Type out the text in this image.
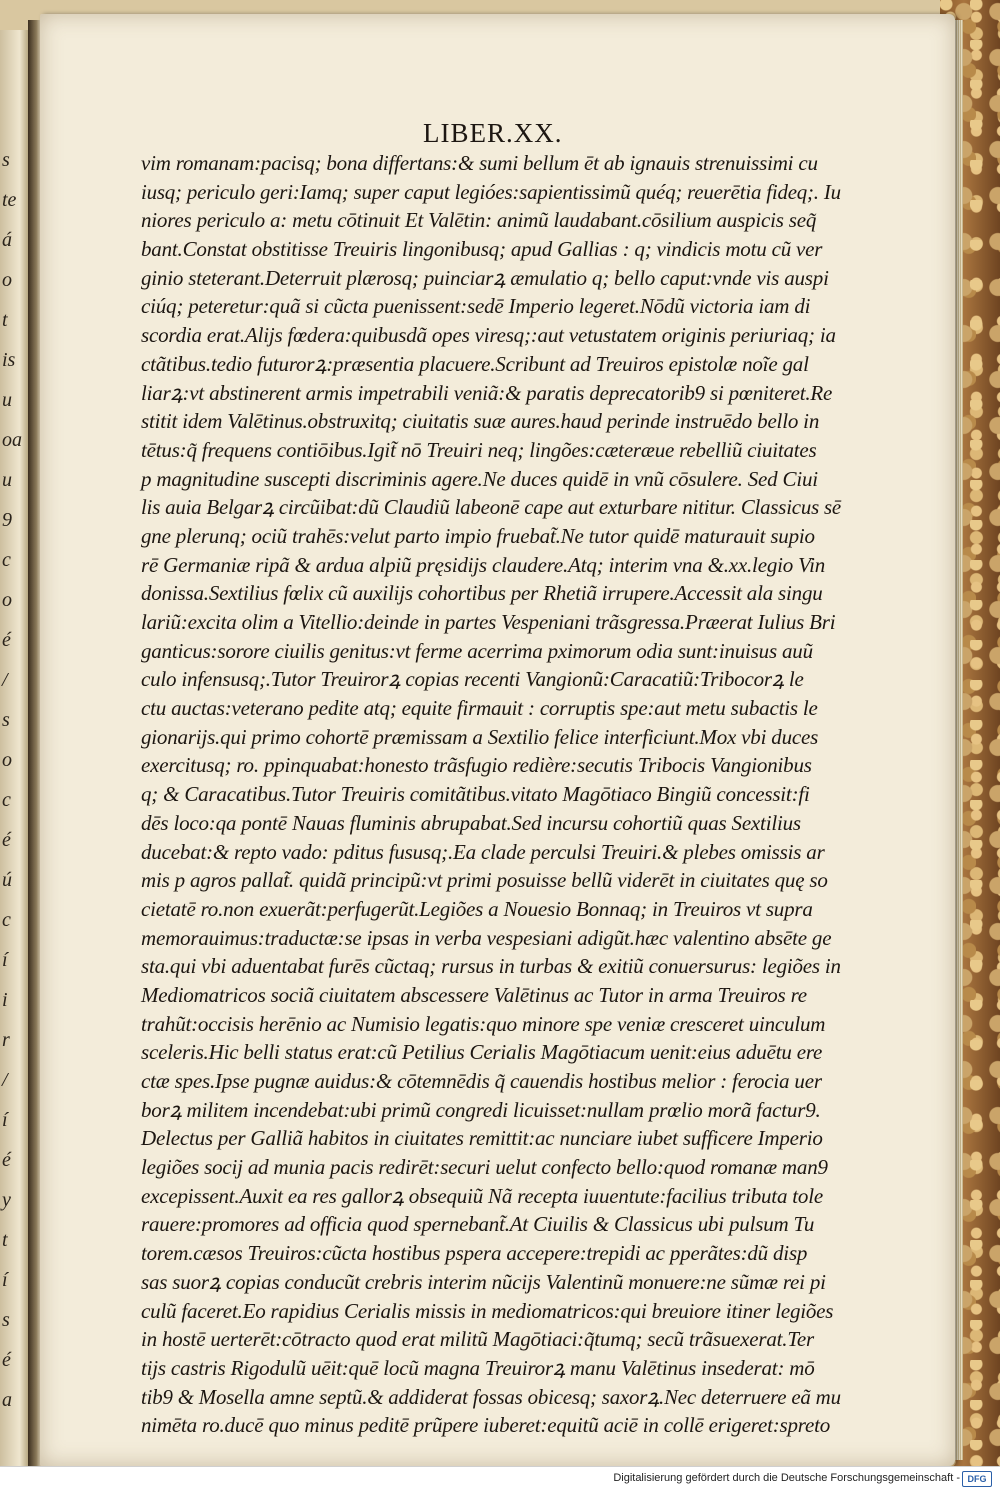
s
te
á
o
t
is
u
oa
u
9
c
o
é
/
s
o
c
é
ú
c
í
i
r
/
í
é
y
t
í
s
é
a
LIBER.XX.
vim romanam:pacisq; bona differtans:& sumi bellum ēt ab ignauis strenuissimi cu
iusq; periculo geri:Iamq; super caput legióes:sapientissimũ quéq; reuerētia fideq;. Iu
niores periculo a: metu cōtinuit Et Valētin: animũ laudabant.cōsilium auspicis seq̃
bant.Constat obstitisse Treuiris lingonibusq; apud Gallias : q; vindicis motu cũ ver
ginio steterant.Deterruit plærosq; puinciarꝝ æmulatio q; bello caput:vnde vis auspi
ciúq; peteretur:quã si cũcta puenissent:sedē Imperio legeret.Nōdũ victoria iam di
scordia erat.Alijs fœdera:quibusdã opes viresq;:aut vetustatem originis periuriaq; ia
ctãtibus.tedio futurorꝝ:præsentia placuere.Scribunt ad Treuiros epistolæ noĩe gal
liarꝝ:vt abstinerent armis impetrabili veniã:& paratis deprecatorib9 si pœniteret.Re
stitit idem Valētinus.obstruxitq; ciuitatis suæ aures.haud perinde instruēdo bello in
tētus:q̃ frequens contiōibus.Igit̃ nō Treuiri neq; lingões:cæteræue rebelliũ ciuitates
p magnitudine suscepti discriminis agere.Ne duces quidē in vnũ cōsulere. Sed Ciui
lis auia Belgarꝝ circũibat:dũ Claudiũ labeonē cape aut exturbare nititur. Classicus sē
gne plerunq; ociũ trahēs:velut parto impio fruebat̃.Ne tutor quidē maturauit supio
rē Germaniæ ripã & ardua alpiũ pręsidijs claudere.Atq; interim vna &.xx.legio Vin
donissa.Sextilius fœlix cũ auxilijs cohortibus per Rhetiã irrupere.Accessit ala singu
lariũ:excita olim a Vitellio:deinde in partes Vespeniani trãsgressa.Præerat Iulius Bri
ganticus:sorore ciuilis genitus:vt ferme acerrima pximorum odia sunt:inuisus auũ
culo infensusq;.Tutor Treuirorꝝ copias recenti Vangionũ:Caracatiũ:Tribocorꝝ le
ctu auctas:veterano pedite atq; equite firmauit : corruptis spe:aut metu subactis le
gionarijs.qui primo cohortē præmissam a Sextilio felice interficiunt.Mox vbi duces
exercitusq; ro. ppinquabat:honesto trãsfugio redière:secutis Tribocis Vangionibus
q; & Caracatibus.Tutor Treuiris comitãtibus.vitato Magōtiaco Bingiũ concessit:fi
dēs loco:qa pontē Nauas fluminis abrupabat.Sed incursu cohortiũ quas Sextilius
ducebat:& repto vado: pditus fususq;.Ea clade perculsi Treuiri.& plebes omissis ar
mis p agros pallat̃. quidã principũ:vt primi posuisse bellũ viderēt in ciuitates quę so
cietatē ro.non exuerãt:perfugerũt.Legiões a Nouesio Bonnaq; in Treuiros vt supra
memorauimus:traductæ:se ipsas in verba vespesiani adigũt.hæc valentino absēte ge
sta.qui vbi aduentabat furēs cũctaq; rursus in turbas & exitiũ conuersurus: legiões in
Mediomatricos sociã ciuitatem abscessere Valētinus ac Tutor in arma Treuiros re
trahũt:occisis herēnio ac Numisio legatis:quo minore spe veniæ cresceret uinculum
sceleris.Hic belli status erat:cũ Petilius Cerialis Magōtiacum uenit:eius aduētu ere
ctæ spes.Ipse pugnæ auidus:& cōtemnēdis q̃ cauendis hostibus melior : ferocia uer
borꝝ militem incendebat:ubi primũ congredi licuisset:nullam prœlio morã factur9.
Delectus per Galliã habitos in ciuitates remittit:ac nunciare iubet sufficere Imperio
legiões socij ad munia pacis redirēt:securi uelut confecto bello:quod romanæ man9
excepissent.Auxit ea res gallorꝝ obsequiũ Nã recepta iuuentute:facilius tributa tole
rauere:promores ad officia quod spernebant̃.At Ciuilis & Classicus ubi pulsum Tu
torem.cæsos Treuiros:cũcta hostibus pspera accepere:trepidi ac pperãtes:dũ disp
sas suorꝝ copias conducũt crebris interim nũcijs Valentinũ monuere:ne sũmæ rei pi
culũ faceret.Eo rapidius Cerialis missis in mediomatricos:qui breuiore itiner legiões
in hostē uerterēt:cōtracto quod erat militũ Magōtiaci:q̃tumq; secũ trãsuexerat.Ter
tijs castris Rigodulũ uēit:quē locũ magna Treuirorꝝ manu Valētinus insederat: mō
tib9 & Mosella amne septũ.& addiderat fossas obicesq; saxorꝝ.Nec deterruere eã mu
nimēta ro.ducē quo minus peditē prũpere iuberet:equitũ aciē in collē erigeret:spreto
Digitalisierung gefördert durch die Deutsche Forschungsgemeinschaft - DFG
